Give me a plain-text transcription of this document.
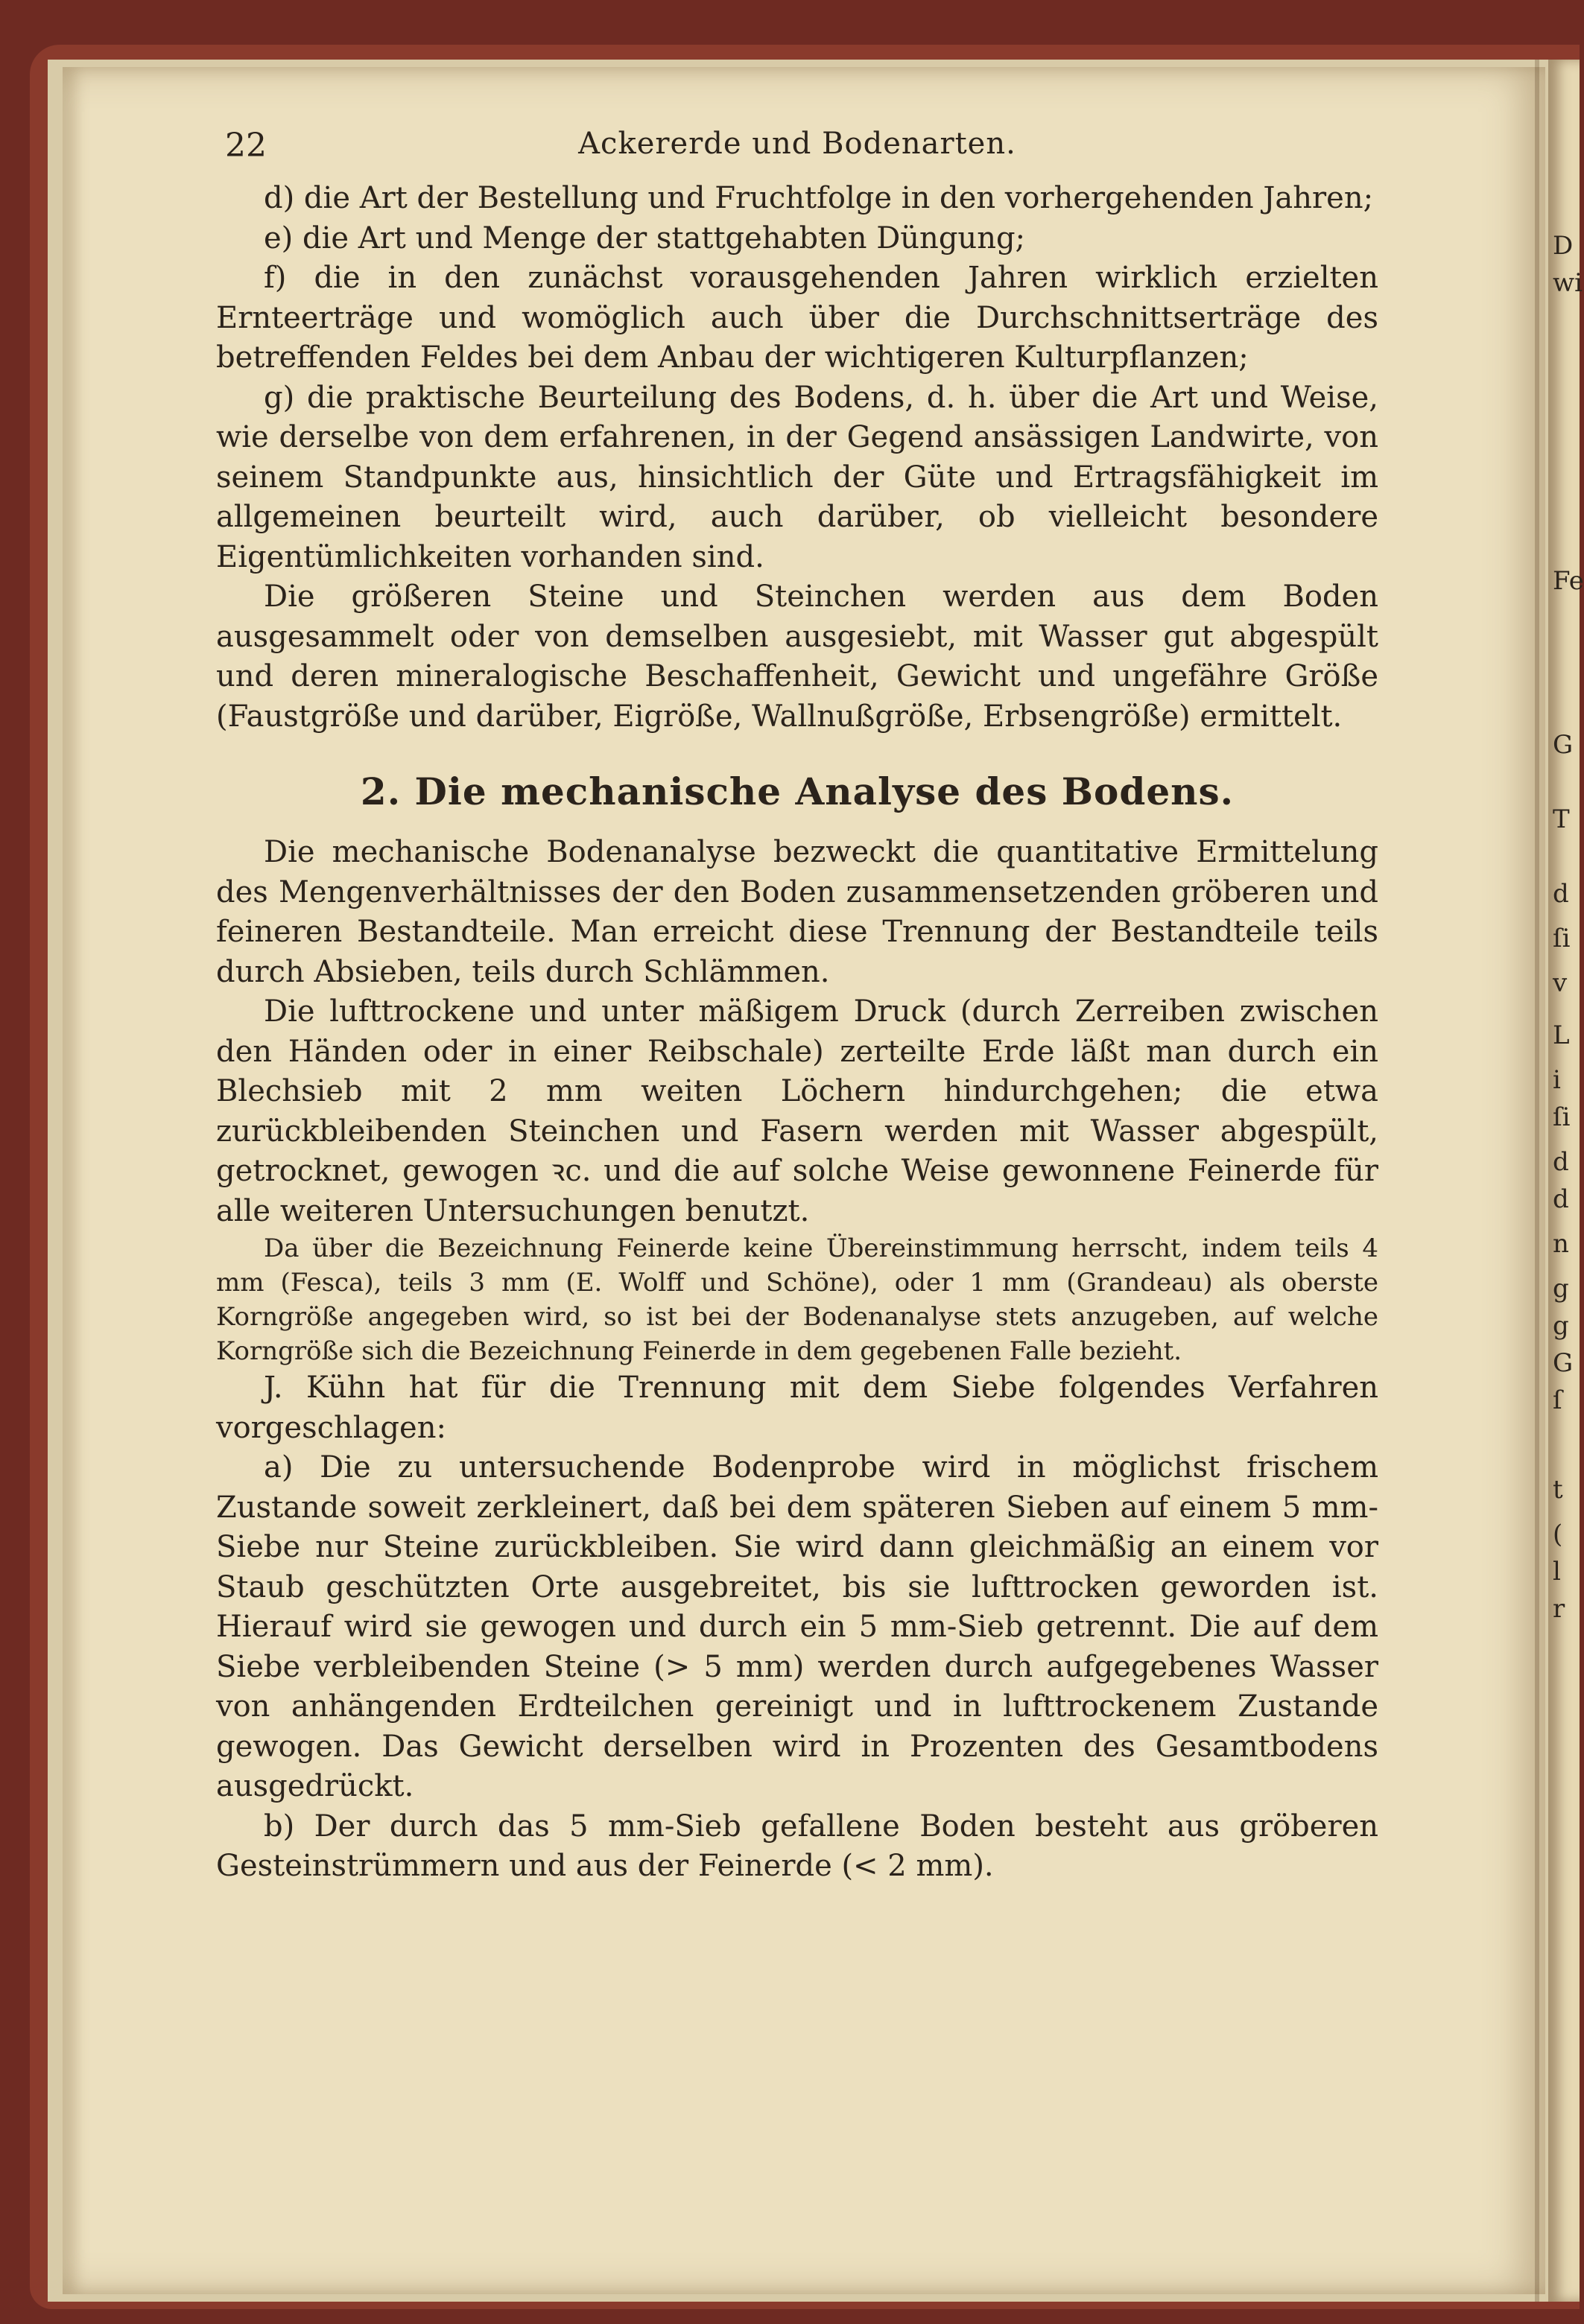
D
wi
Fe
G
T
d
ſi
v
L
i
ſi
d
d
n
g
g
G
ſ
t
(
l
r
22	Ackererde und Bodenarten.

d) die Art der Bestellung und Fruchtfolge in den vorhergehenden Jahren;

e) die Art und Menge der stattgehabten Düngung;

f) die in den zunächst vorausgehenden Jahren wirklich erzielten Ernteerträge und womöglich auch über die Durchschnittserträge des betreffenden Feldes bei dem Anbau der wichtigeren Kulturpflanzen;

g) die praktische Beurteilung des Bodens, d. h. über die Art und Weise, wie derselbe von dem erfahrenen, in der Gegend ansässigen Landwirte, von seinem Standpunkte aus, hinsichtlich der Güte und Ertragsfähigkeit im allgemeinen beurteilt wird, auch darüber, ob vielleicht besondere Eigentümlichkeiten vorhanden sind.

Die größeren Steine und Steinchen werden aus dem Boden ausgesammelt oder von demselben ausgesiebt, mit Wasser gut abgespült und deren mineralogische Beschaffenheit, Gewicht und ungefähre Größe (Faustgröße und darüber, Eigröße, Wallnußgröße, Erbsengröße) ermittelt.

2. Die mechanische Analyse des Bodens.

Die mechanische Bodenanalyse bezweckt die quantitative Ermittelung des Mengenverhältnisses der den Boden zusammensetzenden gröberen und feineren Bestandteile. Man erreicht diese Trennung der Bestandteile teils durch Absieben, teils durch Schlämmen.

Die lufttrockene und unter mäßigem Druck (durch Zerreiben zwischen den Händen oder in einer Reibschale) zerteilte Erde läßt man durch ein Blechsieb mit 2 mm weiten Löchern hindurchgehen; die etwa zurückbleibenden Steinchen und Fasern werden mit Wasser abgespült, getrocknet, gewogen ꝛc. und die auf solche Weise gewonnene Feinerde für alle weiteren Untersuchungen benutzt.

Da über die Bezeichnung Feinerde keine Übereinstimmung herrscht, indem teils 4 mm (Fesca), teils 3 mm (E. Wolff und Schöne), oder 1 mm (Grandeau) als oberste Korngröße angegeben wird, so ist bei der Bodenanalyse stets anzugeben, auf welche Korngröße sich die Bezeichnung Feinerde in dem gegebenen Falle bezieht.

J. Kühn hat für die Trennung mit dem Siebe folgendes Verfahren vorgeschlagen:

a) Die zu untersuchende Bodenprobe wird in möglichst frischem Zustande soweit zerkleinert, daß bei dem späteren Sieben auf einem 5 mm-Siebe nur Steine zurückbleiben. Sie wird dann gleichmäßig an einem vor Staub geschützten Orte ausgebreitet, bis sie lufttrocken geworden ist. Hierauf wird sie gewogen und durch ein 5 mm-Sieb getrennt. Die auf dem Siebe verbleibenden Steine (> 5 mm) werden durch aufgegebenes Wasser von anhängenden Erdteilchen gereinigt und in lufttrockenem Zustande gewogen. Das Gewicht derselben wird in Prozenten des Gesamtbodens ausgedrückt.

b) Der durch das 5 mm-Sieb gefallene Boden besteht aus gröberen Gesteinstrümmern und aus der Feinerde (< 2 mm).
